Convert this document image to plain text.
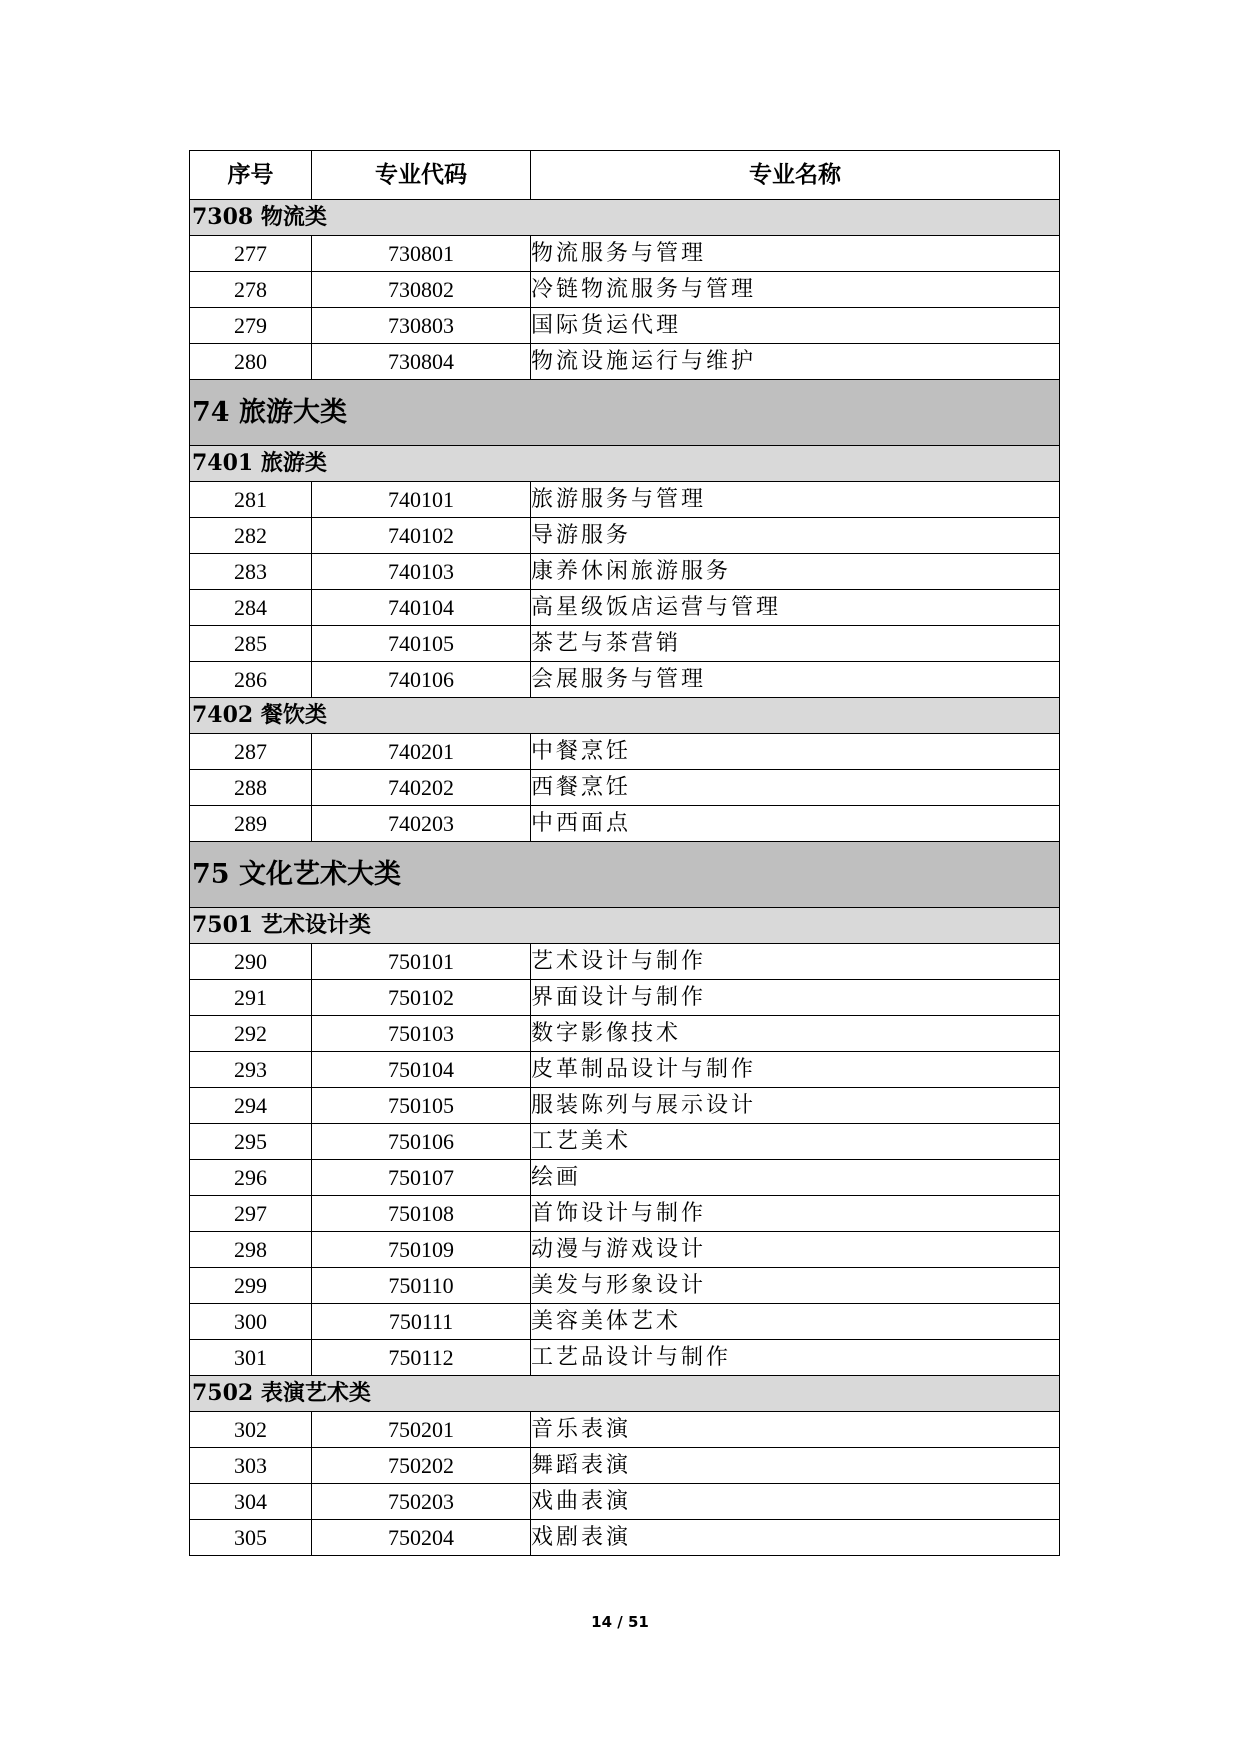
序号	专业代码	专业名称
7308 物流类		
277	730801	物流服务与管理
278	730802	冷链物流服务与管理
279	730803	国际货运代理
280	730804	物流设施运行与维护
74 旅游大类		
7401 旅游类		
281	740101	旅游服务与管理
282	740102	导游服务
283	740103	康养休闲旅游服务
284	740104	高星级饭店运营与管理
285	740105	茶艺与茶营销
286	740106	会展服务与管理
7402 餐饮类		
287	740201	中餐烹饪
288	740202	西餐烹饪
289	740203	中西面点
75 文化艺术大类		
7501 艺术设计类		
290	750101	艺术设计与制作
291	750102	界面设计与制作
292	750103	数字影像技术
293	750104	皮革制品设计与制作
294	750105	服装陈列与展示设计
295	750106	工艺美术
296	750107	绘画
297	750108	首饰设计与制作
298	750109	动漫与游戏设计
299	750110	美发与形象设计
300	750111	美容美体艺术
301	750112	工艺品设计与制作
7502 表演艺术类		
302	750201	音乐表演
303	750202	舞蹈表演
304	750203	戏曲表演
305	750204	戏剧表演
14 / 51
